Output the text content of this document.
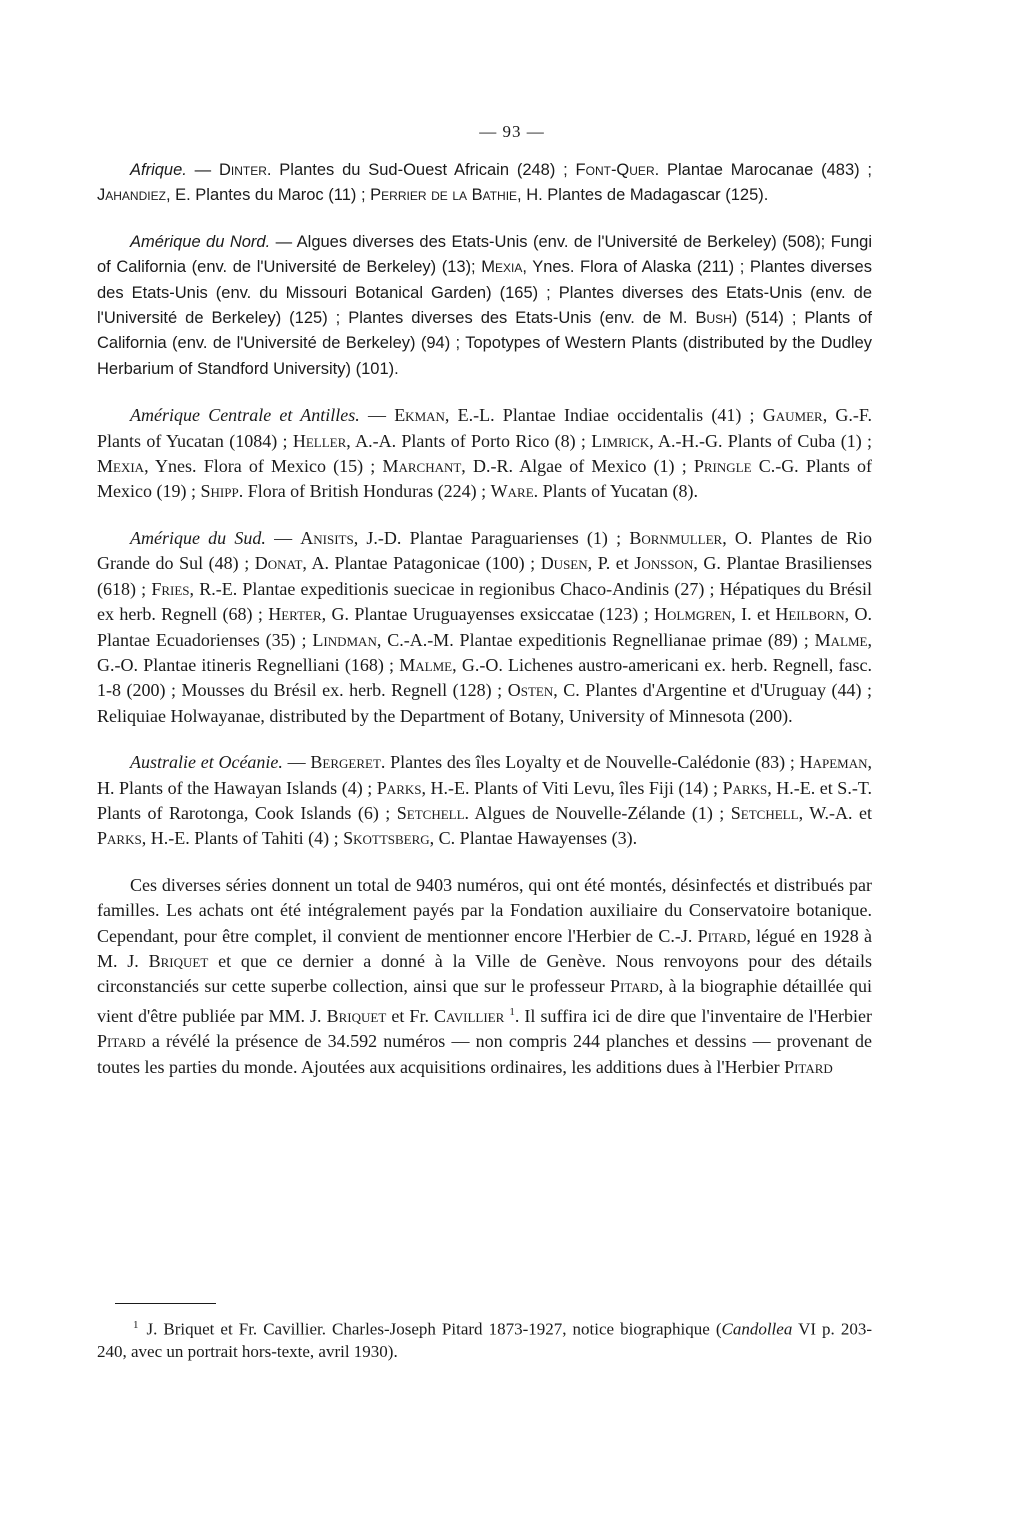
— 93 —

Afrique. — Dinter. Plantes du Sud-Ouest Africain (248) ; Font-Quer. Plantae Marocanae (483) ; Jahandiez, E. Plantes du Maroc (11) ; Perrier de la Bathie, H. Plantes de Madagascar (125).

Amérique du Nord. — Algues diverses des Etats-Unis (env. de l'Université de Berkeley) (508); Fungi of California (env. de l'Université de Berkeley) (13); Mexia, Ynes. Flora of Alaska (211) ; Plantes diverses des Etats-Unis (env. du Missouri Botanical Garden) (165) ; Plantes diverses des Etats-Unis (env. de l'Université de Berkeley) (125) ; Plantes diverses des Etats-Unis (env. de M. Bush) (514) ; Plants of California (env. de l'Université de Berkeley) (94) ; Topotypes of Western Plants (distributed by the Dudley Herbarium of Standford University) (101).

Amérique Centrale et Antilles. — Ekman, E.-L. Plantae Indiae occidentalis (41) ; Gaumer, G.-F. Plants of Yucatan (1084) ; Heller, A.-A. Plants of Porto Rico (8) ; Limrick, A.-H.-G. Plants of Cuba (1) ; Mexia, Ynes. Flora of Mexico (15) ; Marchant, D.-R. Algae of Mexico (1) ; Pringle C.-G. Plants of Mexico (19) ; Shipp. Flora of British Honduras (224) ; Ware. Plants of Yucatan (8).

Amérique du Sud. — Anisits, J.-D. Plantae Paraguarienses (1) ; Bornmuller, O. Plantes de Rio Grande do Sul (48) ; Donat, A. Plantae Patagonicae (100) ; Dusen, P. et Jonsson, G. Plantae Brasilienses (618) ; Fries, R.-E. Plantae expeditionis suecicae in regionibus Chaco-Andinis (27) ; Hépatiques du Brésil ex herb. Regnell (68) ; Herter, G. Plantae Uruguayenses exsiccatae (123) ; Holmgren, I. et Heilborn, O. Plantae Ecuadorienses (35) ; Lindman, C.-A.-M. Plantae expeditionis Regnellianae primae (89) ; Malme, G.-O. Plantae itineris Regnelliani (168) ; Malme, G.-O. Lichenes austro-americani ex. herb. Regnell, fasc. 1-8 (200) ; Mousses du Brésil ex. herb. Regnell (128) ; Osten, C. Plantes d'Argentine et d'Uruguay (44) ; Reliquiae Holwayanae, distributed by the Department of Botany, University of Minnesota (200).

Australie et Océanie. — Bergeret. Plantes des îles Loyalty et de Nouvelle-Calédonie (83) ; Hapeman, H. Plants of the Hawayan Islands (4) ; Parks, H.-E. Plants of Viti Levu, îles Fiji (14) ; Parks, H.-E. et S.-T. Plants of Rarotonga, Cook Islands (6) ; Setchell. Algues de Nouvelle-Zélande (1) ; Setchell, W.-A. et Parks, H.-E. Plants of Tahiti (4) ; Skottsberg, C. Plantae Hawayenses (3).

Ces diverses séries donnent un total de 9403 numéros, qui ont été montés, désinfectés et distribués par familles. Les achats ont été intégralement payés par la Fondation auxiliaire du Conservatoire botanique. Cependant, pour être complet, il convient de mentionner encore l'Herbier de C.-J. Pitard, légué en 1928 à M. J. Briquet et que ce dernier a donné à la Ville de Genève. Nous renvoyons pour des détails circonstanciés sur cette superbe collection, ainsi que sur le professeur Pitard, à la biographie détaillée qui vient d'être publiée par MM. J. Briquet et Fr. Cavillier $^1$. Il suffira ici de dire que l'inventaire de l'Herbier Pitard a révélé la présence de 34.592 numéros — non compris 244 planches et dessins — provenant de toutes les parties du monde. Ajoutées aux acquisitions ordinaires, les additions dues à l'Herbier Pitard

$^1$ J. Briquet et Fr. Cavillier. Charles-Joseph Pitard 1873-1927, notice biographique (Candollea VI p. 203-240, avec un portrait hors-texte, avril 1930).
